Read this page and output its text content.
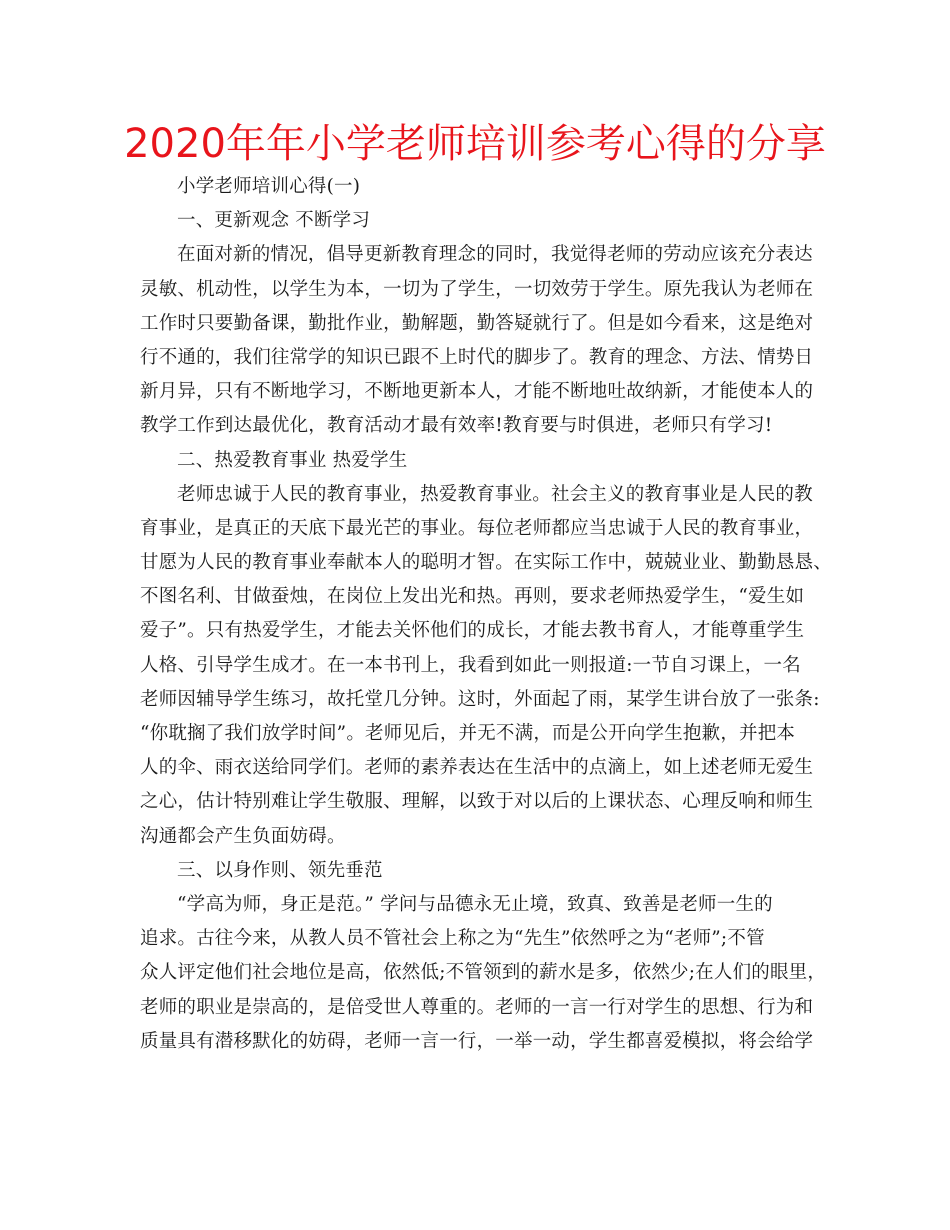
2020年年小学老师培训参考心得的分享
小学老师培训心得(一)
一、更新观念 不断学习
在面对新的情况，倡导更新教育理念的同时，我觉得老师的劳动应该充分表达
灵敏、机动性，以学生为本，一切为了学生，一切效劳于学生。原先我认为老师在
工作时只要勤备课，勤批作业，勤解题，勤答疑就行了。但是如今看来，这是绝对
行不通的，我们往常学的知识已跟不上时代的脚步了。教育的理念、方法、情势日
新月异，只有不断地学习，不断地更新本人，才能不断地吐故纳新，才能使本人的
教学工作到达最优化，教育活动才最有效率!教育要与时俱进，老师只有学习!
二、热爱教育事业 热爱学生
老师忠诚于人民的教育事业，热爱教育事业。社会主义的教育事业是人民的教
育事业，是真正的天底下最光芒的事业。每位老师都应当忠诚于人民的教育事业，
甘愿为人民的教育事业奉献本人的聪明才智。在实际工作中，兢兢业业、勤勤恳恳、
不图名利、甘做蚕烛，在岗位上发出光和热。再则，要求老师热爱学生，“爱生如
爱子”。只有热爱学生，才能去关怀他们的成长，才能去教书育人，才能尊重学生
人格、引导学生成才。在一本书刊上，我看到如此一则报道:一节自习课上，一名
老师因辅导学生练习，故托堂几分钟。这时，外面起了雨，某学生讲台放了一张条:
“你耽搁了我们放学时间”。老师见后，并无不满，而是公开向学生抱歉，并把本
人的伞、雨衣送给同学们。老师的素养表达在生活中的点滴上，如上述老师无爱生
之心，估计特别难让学生敬服、理解，以致于对以后的上课状态、心理反响和师生
沟通都会产生负面妨碍。
三、以身作则、领先垂范
“学高为师，身正是范。” 学问与品德永无止境，致真、致善是老师一生的
追求。古往今来，从教人员不管社会上称之为“先生”依然呼之为“老师”;不管
众人评定他们社会地位是高，依然低;不管领到的薪水是多，依然少;在人们的眼里，
老师的职业是崇高的，是倍受世人尊重的。老师的一言一行对学生的思想、行为和
质量具有潜移默化的妨碍，老师一言一行，一举一动，学生都喜爱模拟，将会给学
